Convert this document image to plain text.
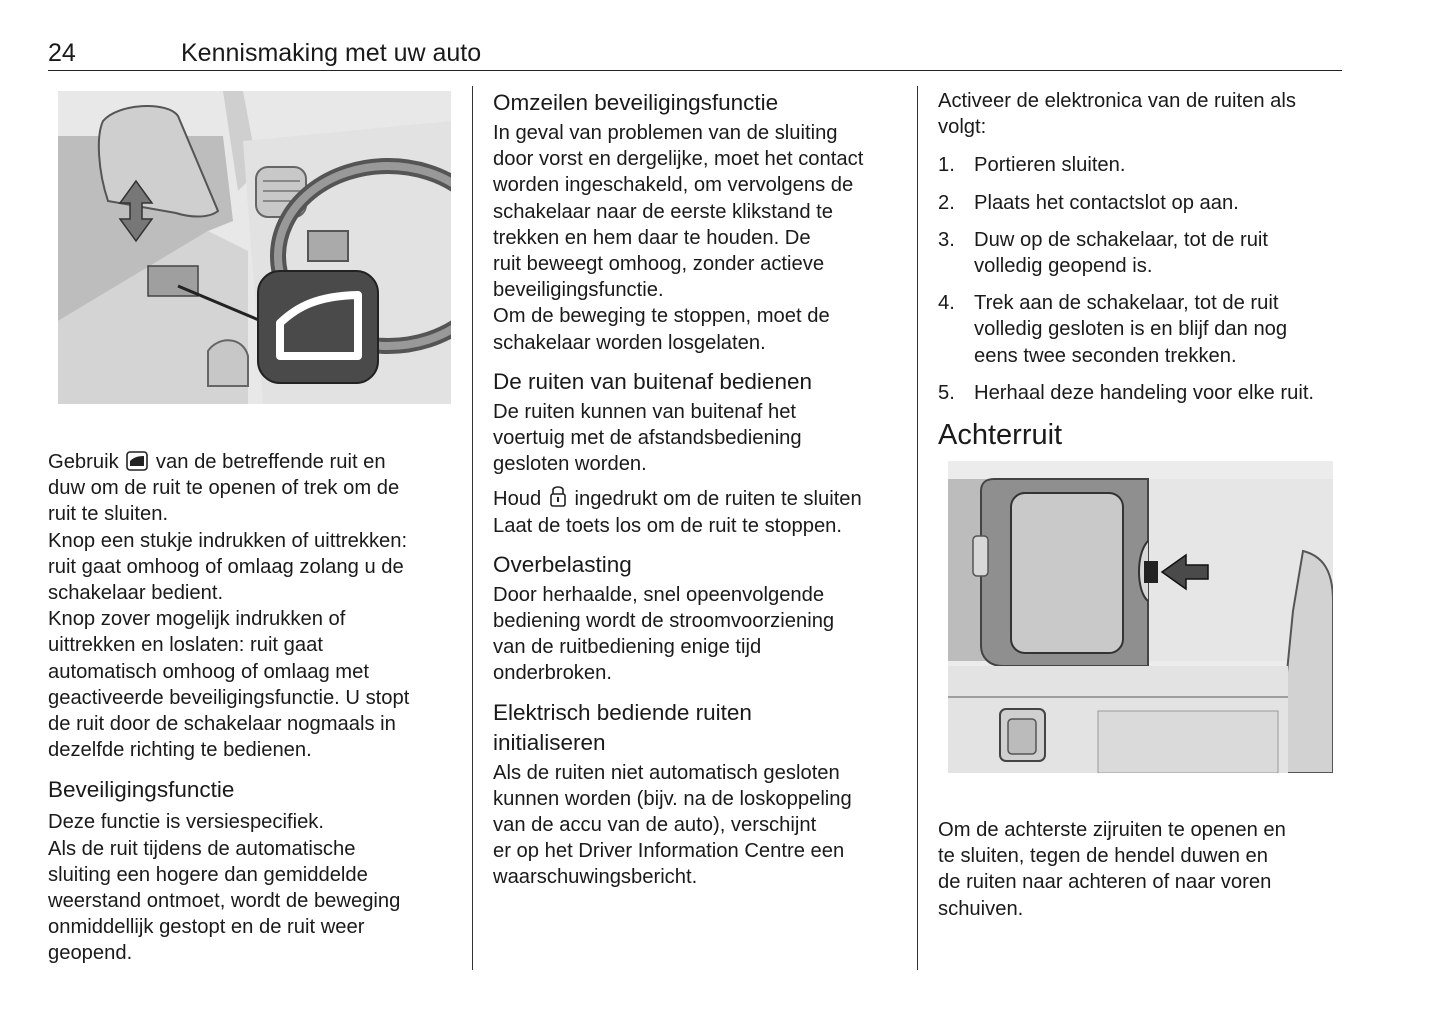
24	Kennismaking met uw auto

Gebruik van de betreffende ruit en

duw om de ruit te openen of trek om de

ruit te sluiten.

Knop een stukje indrukken of uittrekken:

ruit gaat omhoog of omlaag zolang u de

schakelaar bedient.

Knop zover mogelijk indrukken of

uittrekken en loslaten: ruit gaat

automatisch omhoog of omlaag met

geactiveerde beveiligingsfunctie. U stopt

de ruit door de schakelaar nogmaals in

dezelfde richting te bedienen.

Beveiligingsfunctie

Deze functie is versiespecifiek.

Als de ruit tijdens de automatische

sluiting een hogere dan gemiddelde

weerstand ontmoet, wordt de beweging

onmiddellijk gestopt en de ruit weer

geopend.

Omzeilen beveiligingsfunctie

In geval van problemen van de sluiting

door vorst en dergelijke, moet het contact

worden ingeschakeld, om vervolgens de

schakelaar naar de eerste klikstand te

trekken en hem daar te houden. De

ruit beweegt omhoog, zonder actieve

beveiligingsfunctie.

Om de beweging te stoppen, moet de

schakelaar worden losgelaten.

De ruiten van buitenaf bedienen

De ruiten kunnen van buitenaf het

voertuig met de afstandsbediening

gesloten worden.

Houd ingedrukt om de ruiten te sluiten

Laat de toets los om de ruit te stoppen.

Overbelasting

Door herhaalde, snel opeenvolgende

bediening wordt de stroomvoorziening

van de ruitbediening enige tijd

onderbroken.

Elektrisch bediende ruiten
initialiseren

Als de ruiten niet automatisch gesloten

kunnen worden (bijv. na de loskoppeling

van de accu van de auto), verschijnt

er op het Driver Information Centre een

waarschuwingsbericht.

Activeer de elektronica van de ruiten als

volgt:

1. Portieren sluiten.
2. Plaats het contactslot op aan.
3. Duw op de schakelaar, tot de ruit
volledig geopend is.
4. Trek aan de schakelaar, tot de ruit
volledig gesloten is en blijf dan nog
eens twee seconden trekken.
5. Herhaal deze handeling voor elke ruit.
Achterruit

Om de achterste zijruiten te openen en

te sluiten, tegen de hendel duwen en

de ruiten naar achteren of naar voren

schuiven.
